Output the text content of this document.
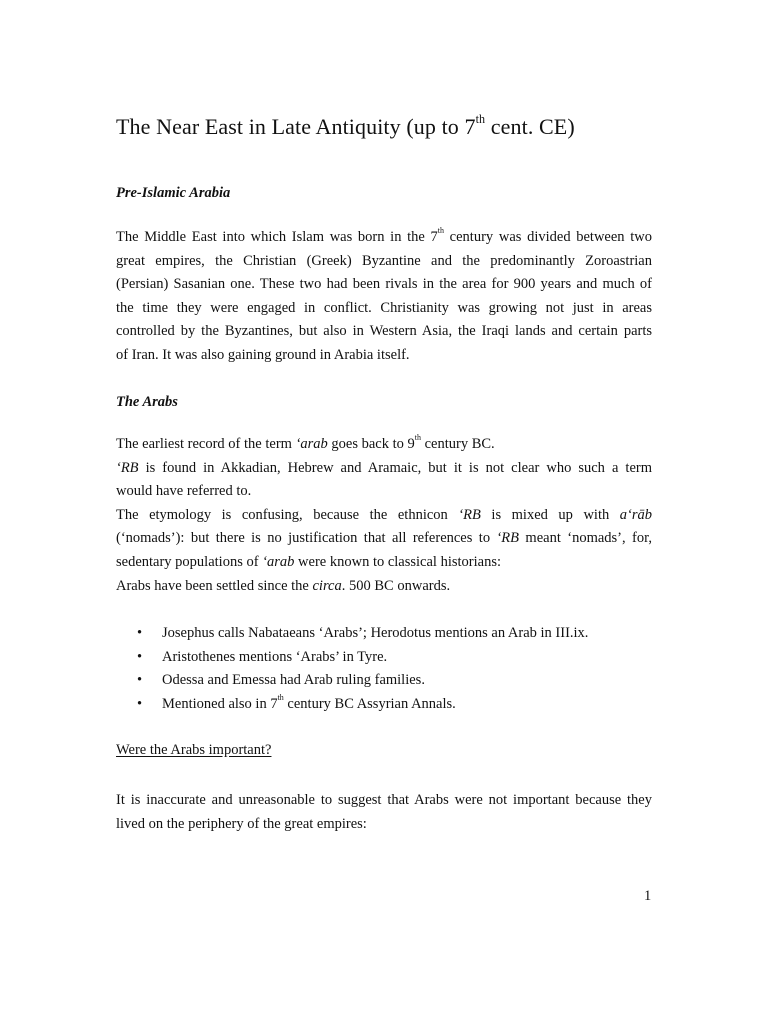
The Near East in Late Antiquity (up to 7th cent. CE)
Pre-Islamic Arabia

The Middle East into which Islam was born in the 7th century was divided between two
great empires, the Christian (Greek) Byzantine and the predominantly Zoroastrian
(Persian) Sasanian one. These two had been rivals in the area for 900 years and much of
the time they were engaged in conflict. Christianity was growing not just in areas
controlled by the Byzantines, but also in Western Asia, the Iraqi lands and certain parts
of Iran. It was also gaining ground in Arabia itself.

The Arabs

The earliest record of the term ‘arab goes back to 9th century BC.
‘RB is found in Akkadian, Hebrew and Aramaic, but it is not clear who such a term
would have referred to.
The etymology is confusing, because the ethnicon ‘RB is mixed up with a‘rāb
(‘nomads’): but there is no justification that all references to ‘RB meant ‘nomads’, for,
sedentary populations of ‘arab were known to classical historians:
Arabs have been settled since the circa. 500 BC onwards.

• Josephus calls Nabataeans ‘Arabs’; Herodotus mentions an Arab in III.ix.
• Aristothenes mentions ‘Arabs’ in Tyre.
• Odessa and Emessa had Arab ruling families.
• Mentioned also in 7th century BC Assyrian Annals.
Were the Arabs important?

It is inaccurate and unreasonable to suggest that Arabs were not important because they
lived on the periphery of the great empires:

1
